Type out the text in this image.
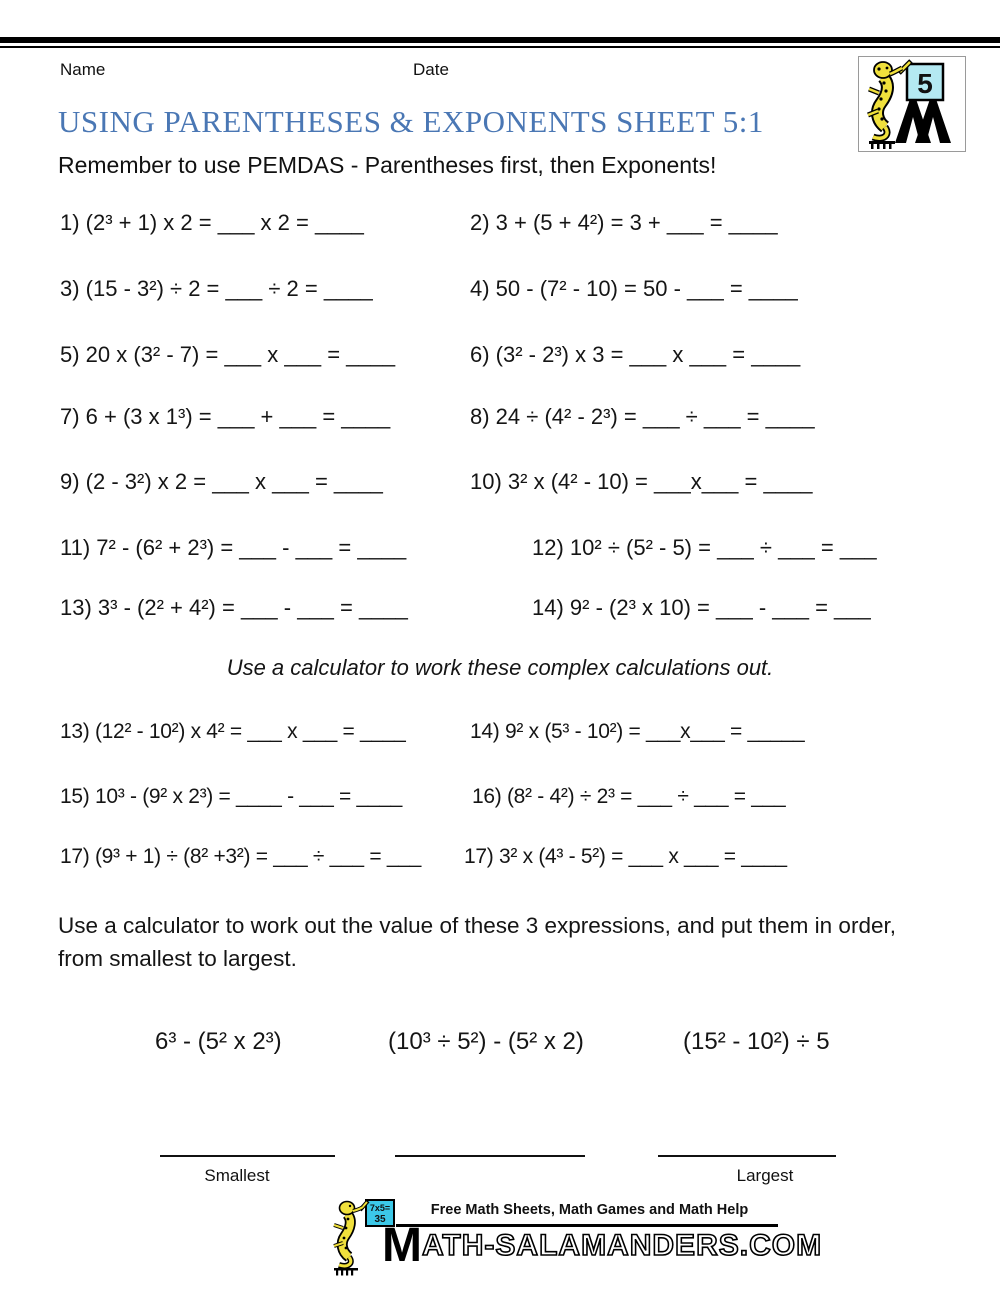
Name	Date	5
USING PARENTHESES & EXPONENTS SHEET 5:1
Remember to use PEMDAS - Parentheses first, then Exponents!
1) (2³ + 1) x 2 = ___ x 2 = ____	2) 3 + (5 + 4²) = 3 + ___ = ____
3) (15 - 3²) ÷ 2 = ___ ÷ 2 = ____	4) 50 - (7² - 10) = 50 - ___ = ____
5) 20 x (3² - 7) = ___ x ___ = ____	6) (3² - 2³) x 3 = ___ x ___ = ____
7) 6 + (3 x 1³) = ___ + ___ = ____	8) 24 ÷ (4² - 2³) = ___ ÷ ___ = ____
9) (2 - 3²) x 2 = ___ x ___ = ____	10) 3² x (4² - 10) = ___x___ = ____
11) 7² - (6² + 2³) = ___ - ___ = ____	12) 10² ÷ (5² - 5) = ___ ÷ ___ = ___
13) 3³ - (2² + 4²) = ___ - ___ = ____	14) 9² - (2³ x 10) = ___ - ___ = ___
Use a calculator to work these complex calculations out.
13) (12² - 10²) x 4² = ___ x ___ = ____	14) 9² x (5³ - 10²) = ___x___ = _____
15) 10³ - (9² x 2³) = ____ - ___ = ____	16) (8² - 4²) ÷ 2³ = ___ ÷ ___ = ___
17) (9³ + 1) ÷ (8² +3²) = ___ ÷ ___ = ___ 17) 3² x (4³ - 5²) = ___ x ___ = ____
Use a calculator to work out the value of these 3 expressions, and put them in order, from smallest to largest.
6³ - (5² x 2³)	(10³ ÷ 5²) - (5² x 2)	(15² - 10²) ÷ 5
Smallest	Largest
7x5=
35
Free Math Sheets, Math Games and Math Help
MATH-SALAMANDERS.COM
